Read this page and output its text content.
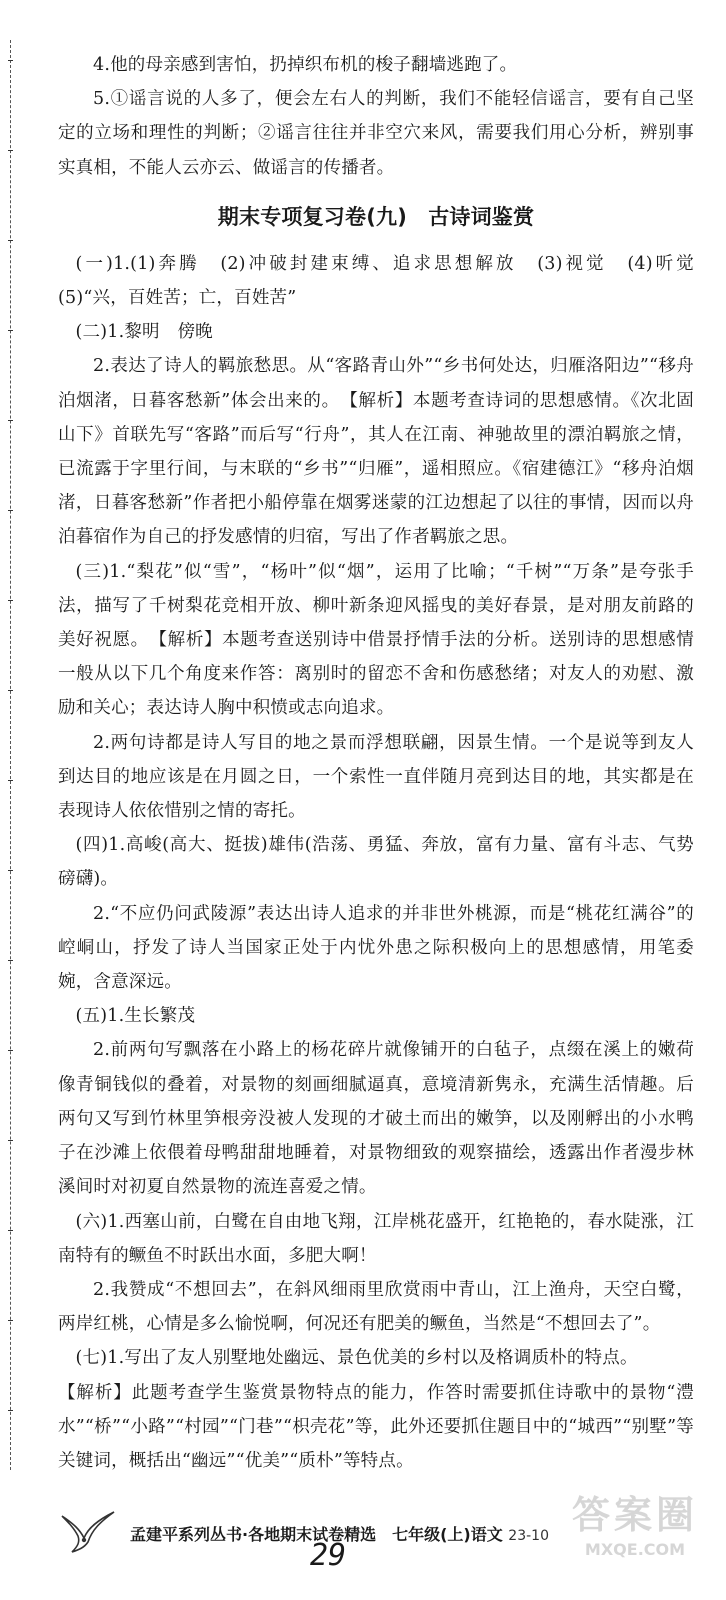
4.他的母亲感到害怕，扔掉织布机的梭子翻墙逃跑了。

5.①谣言说的人多了，便会左右人的判断，我们不能轻信谣言，要有自己坚定的立场和理性的判断；②谣言往往并非空穴来风，需要我们用心分析，辨别事实真相，不能人云亦云、做谣言的传播者。

期末专项复习卷(九)　古诗词鉴赏

(一)1.(1)奔腾　(2)冲破封建束缚、追求思想解放　(3)视觉　(4)听觉　(5)“兴，百姓苦；亡，百姓苦”

(二)1.黎明　傍晚

2.表达了诗人的羁旅愁思。从“客路青山外”“乡书何处达，归雁洛阳边”“移舟泊烟渚，日暮客愁新”体会出来的。　【解析】本题考查诗词的思想感情。《次北固山下》首联先写“客路”而后写“行舟”，其人在江南、神驰故里的漂泊羁旅之情，已流露于字里行间，与末联的“乡书”“归雁”，遥相照应。《宿建德江》“移舟泊烟渚，日暮客愁新”作者把小船停靠在烟雾迷蒙的江边想起了以往的事情，因而以舟泊暮宿作为自己的抒发感情的归宿，写出了作者羁旅之思。

(三)1.“梨花”似“雪”，“杨叶”似“烟”，运用了比喻；“千树”“万条”是夸张手法，描写了千树梨花竞相开放、柳叶新条迎风摇曳的美好春景，是对朋友前路的美好祝愿。　【解析】本题考查送别诗中借景抒情手法的分析。送别诗的思想感情一般从以下几个角度来作答：离别时的留恋不舍和伤感愁绪；对友人的劝慰、激励和关心；表达诗人胸中积愤或志向追求。

2.两句诗都是诗人写目的地之景而浮想联翩，因景生情。一个是说等到友人到达目的地应该是在月圆之日，一个索性一直伴随月亮到达目的地，其实都是在表现诗人依依惜别之情的寄托。

(四)1.高峻(高大、挺拔)雄伟(浩荡、勇猛、奔放，富有力量、富有斗志、气势磅礴)。

2.“不应仍问武陵源”表达出诗人追求的并非世外桃源，而是“桃花红满谷”的崆峒山，抒发了诗人当国家正处于内忧外患之际积极向上的思想感情，用笔委婉，含意深远。

(五)1.生长繁茂

2.前两句写飘落在小路上的杨花碎片就像铺开的白毡子，点缀在溪上的嫩荷像青铜钱似的叠着，对景物的刻画细腻逼真，意境清新隽永，充满生活情趣。后两句又写到竹林里笋根旁没被人发现的才破土而出的嫩笋，以及刚孵出的小水鸭子在沙滩上依偎着母鸭甜甜地睡着，对景物细致的观察描绘，透露出作者漫步林溪间时对初夏自然景物的流连喜爱之情。

(六)1.西塞山前，白鹭在自由地飞翔，江岸桃花盛开，红艳艳的，春水陡涨，江南特有的鳜鱼不时跃出水面，多肥大啊！

2.我赞成“不想回去”，在斜风细雨里欣赏雨中青山，江上渔舟，天空白鹭，两岸红桃，心情是多么愉悦啊，何况还有肥美的鳜鱼，当然是“不想回去了”。

(七)1.写出了友人别墅地处幽远、景色优美的乡村以及格调质朴的特点。

【解析】此题考查学生鉴赏景物特点的能力，作答时需要抓住诗歌中的景物“澧水”“桥”“小路”“村园”“门巷”“枳壳花”等，此外还要抓住题目中的“城西”“别墅”等关键词，概括出“幽远”“优美”“质朴”等特点。

孟建平系列丛书·各地期末试卷精选　七年级(上)语文 23-10
29
答案圈
MXQE.COM
